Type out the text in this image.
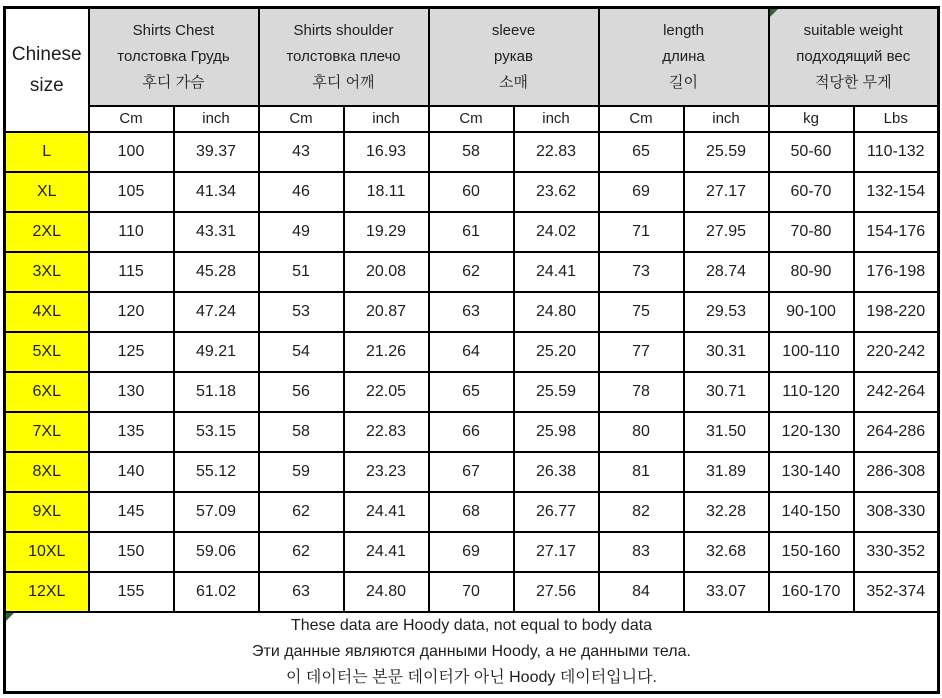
Chinese
size

Shirts Chest
толстовка Грудь
후디 가슴

Shirts shoulder
толстовка плечо
후디 어깨

sleeve
рукав
소매

length
длина
길이

suitable weight
подходящий вес
적당한 무게

	Cm	inch	Cm	inch	Cm	inch	Cm	inch	kg	Lbs
L	100	39.37	43	16.93	58	22.83	65	25.59	50-60	110-132
XL	105	41.34	46	18.11	60	23.62	69	27.17	60-70	132-154
2XL	110	43.31	49	19.29	61	24.02	71	27.95	70-80	154-176
3XL	115	45.28	51	20.08	62	24.41	73	28.74	80-90	176-198
4XL	120	47.24	53	20.87	63	24.80	75	29.53	90-100	198-220
5XL	125	49.21	54	21.26	64	25.20	77	30.31	100-110	220-242
6XL	130	51.18	56	22.05	65	25.59	78	30.71	110-120	242-264
7XL	135	53.15	58	22.83	66	25.98	80	31.50	120-130	264-286
8XL	140	55.12	59	23.23	67	26.38	81	31.89	130-140	286-308
9XL	145	57.09	62	24.41	68	26.77	82	32.28	140-150	308-330
10XL	150	59.06	62	24.41	69	27.17	83	32.68	150-160	330-352
12XL	155	61.02	63	24.80	70	27.56	84	33.07	160-170	352-374

These data are Hoody data, not equal to body data
Эти данные являются данными Hoody, а не данными тела.
이 데이터는 본문 데이터가 아닌 Hoody 데이터입니다.										
